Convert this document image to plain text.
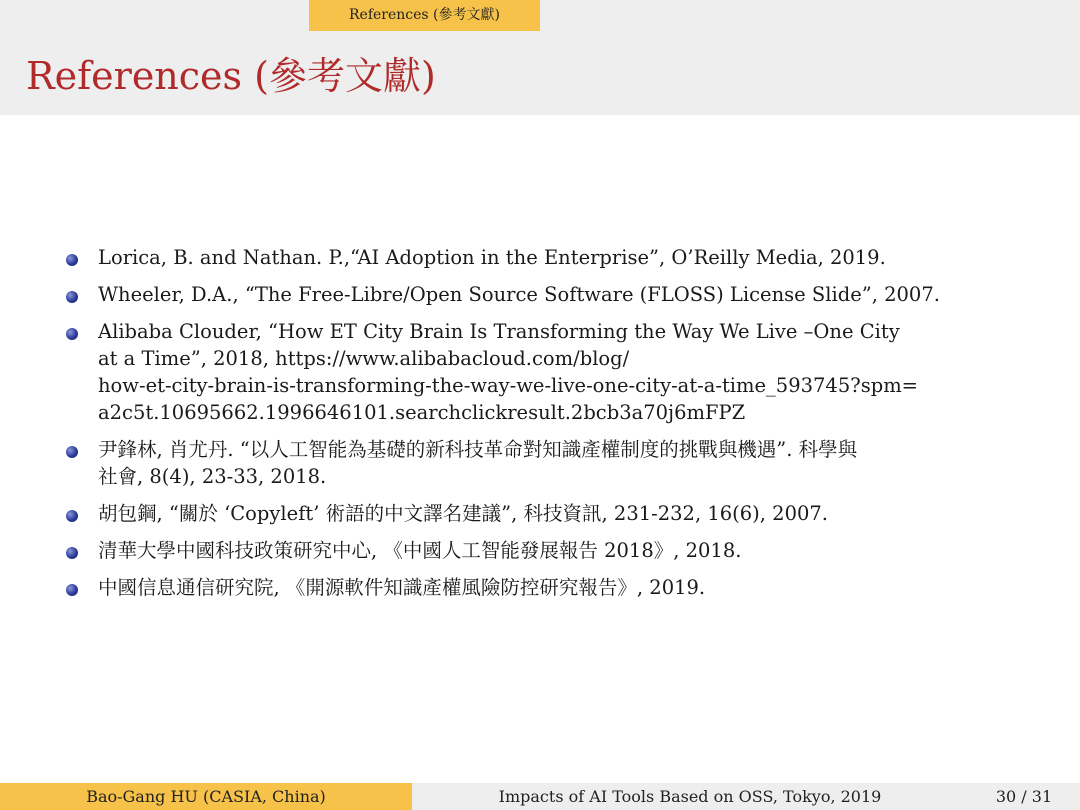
References (參考文獻)
References (參考文獻)
Lorica, B. and Nathan. P.,“AI Adoption in the Enterprise”, O’Reilly Media, 2019.
Wheeler, D.A., “The Free-Libre/Open Source Software (FLOSS) License Slide”, 2007.
Alibaba Clouder, “How ET City Brain Is Transforming the Way We Live –One City
at a Time”, 2018, https://www.alibabacloud.com/blog/
how-et-city-brain-is-transforming-the-way-we-live-one-city-at-a-time_593745?spm=
a2c5t.10695662.1996646101.searchclickresult.2bcb3a70j6mFPZ
尹鋒林, 肖尤丹. “以人工智能為基礎的新科技革命對知識產權制度的挑戰與機遇”. 科學與
社會, 8(4), 23-33, 2018.
胡包鋼, “關於 ‘Copyleft’ 術語的中文譯名建議”, 科技資訊, 231-232, 16(6), 2007.
清華大學中國科技政策研究中心, 《中國人工智能發展報告 2018》, 2018.
中國信息通信研究院, 《開源軟件知識產權風險防控研究報告》, 2019.
Bao-Gang HU (CASIA, China)	Impacts of AI Tools Based on OSS, Tokyo, 2019	30 / 31
